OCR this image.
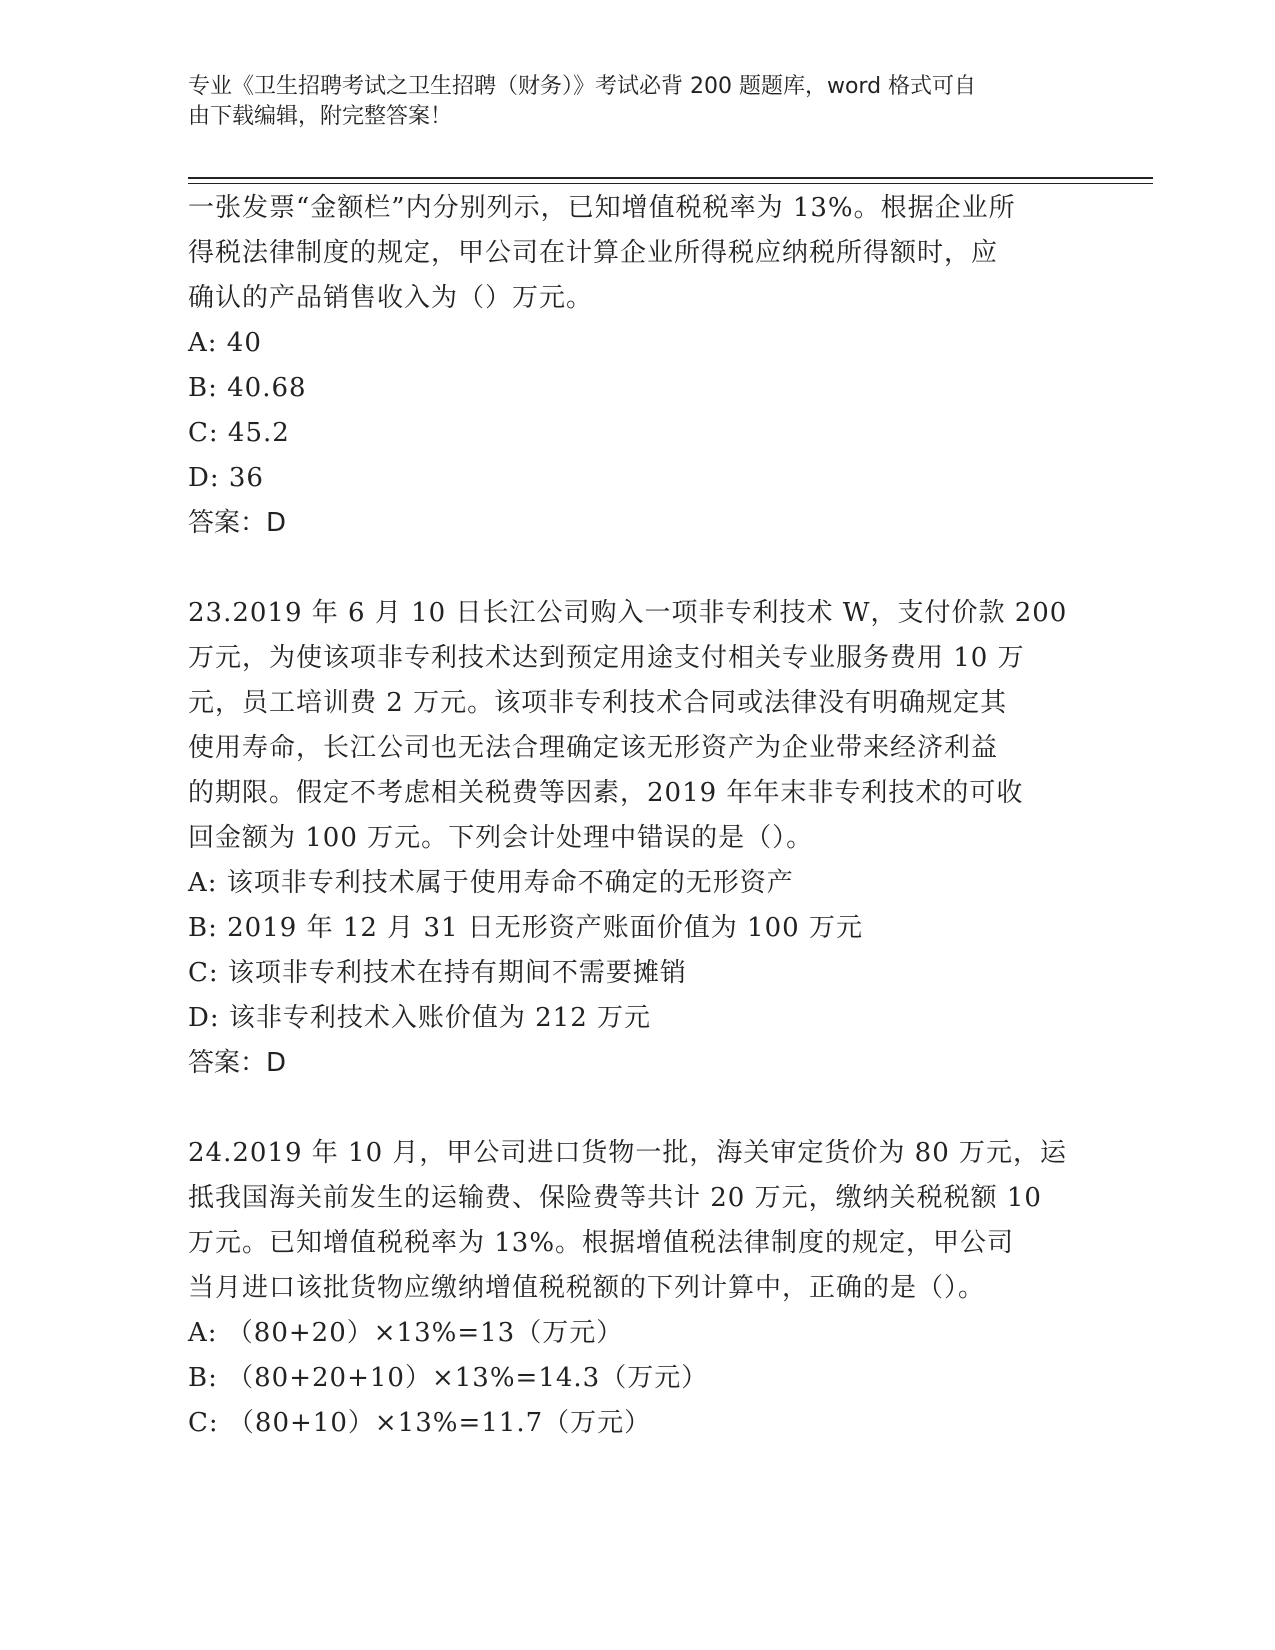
专业《卫生招聘考试之卫生招聘（财务）》考试必背 200 题题库，word 格式可自
由下载编辑，附完整答案！
一张发票“金额栏”内分别列示，已知增值税税率为 13%。根据企业所
得税法律制度的规定，甲公司在计算企业所得税应纳税所得额时，应
确认的产品销售收入为（）万元。
A: 40
B: 40.68
C: 45.2
D: 36
答案：D
23.2019 年 6 月 10 日长江公司购入一项非专利技术 W，支付价款 200
万元，为使该项非专利技术达到预定用途支付相关专业服务费用 10 万
元，员工培训费 2 万元。该项非专利技术合同或法律没有明确规定其
使用寿命，长江公司也无法合理确定该无形资产为企业带来经济利益
的期限。假定不考虑相关税费等因素，2019 年年末非专利技术的可收
回金额为 100 万元。下列会计处理中错误的是（）。
A: 该项非专利技术属于使用寿命不确定的无形资产
B: 2019 年 12 月 31 日无形资产账面价值为 100 万元
C: 该项非专利技术在持有期间不需要摊销
D: 该非专利技术入账价值为 212 万元
答案：D
24.2019 年 10 月，甲公司进口货物一批，海关审定货价为 80 万元，运
抵我国海关前发生的运输费、保险费等共计 20 万元，缴纳关税税额 10
万元。已知增值税税率为 13%。根据增值税法律制度的规定，甲公司
当月进口该批货物应缴纳增值税税额的下列计算中，正确的是（）。
A: （80+20）×13%=13（万元）
B: （80+20+10）×13%=14.3（万元）
C: （80+10）×13%=11.7（万元）
